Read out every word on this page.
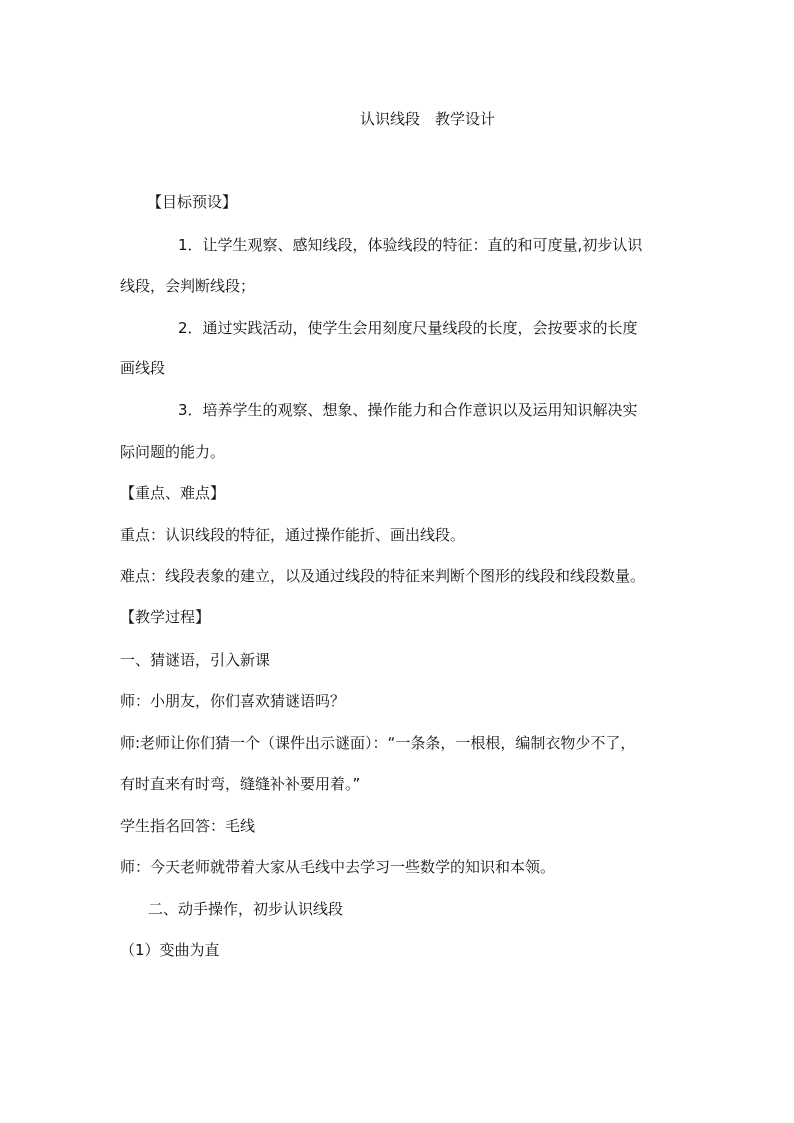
认识线段　教学设计
【目标预设】
1．让学生观察、感知线段，体验线段的特征：直的和可度量,初步认识
线段，会判断线段；
2．通过实践活动，使学生会用刻度尺量线段的长度，会按要求的长度
画线段
3．培养学生的观察、想象、操作能力和合作意识以及运用知识解决实
际问题的能力。
【重点、难点】
重点：认识线段的特征，通过操作能折、画出线段。
难点：线段表象的建立，以及通过线段的特征来判断个图形的线段和线段数量。
【教学过程】
一、猜谜语，引入新课
师：小朋友，你们喜欢猜谜语吗？
师:老师让你们猜一个（课件出示谜面）：“一条条，一根根，编制衣物少不了，
有时直来有时弯，缝缝补补要用着。”
学生指名回答：毛线
师：今天老师就带着大家从毛线中去学习一些数学的知识和本领。
二、动手操作，初步认识线段
（1）变曲为直
